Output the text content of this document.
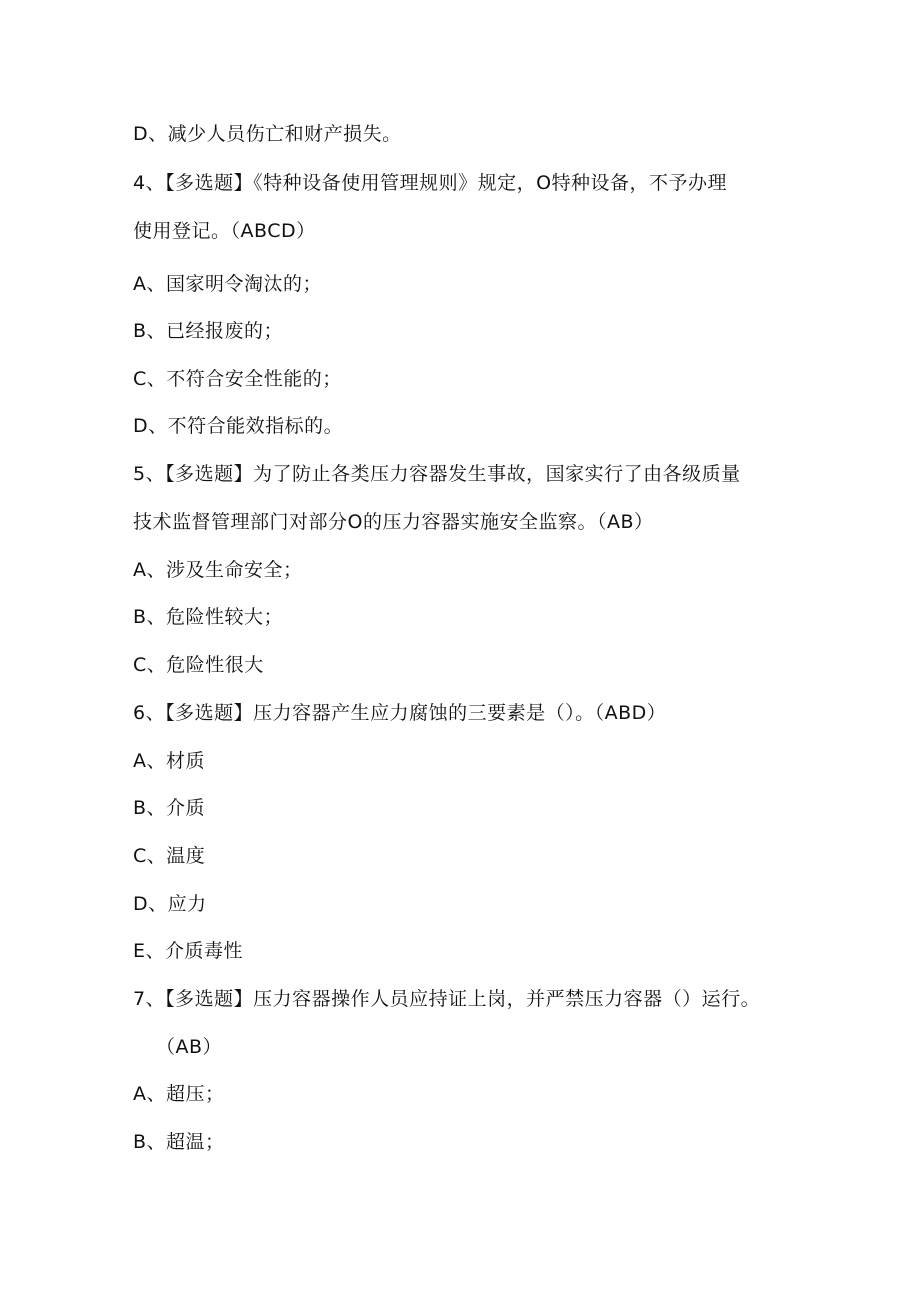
D、减少人员伤亡和财产损失。
4、【多选题】《特种设备使用管理规则》规定，O特种设备，不予办理
使用登记。（ABCD）
A、国家明令淘汰的；
B、已经报废的；
C、不符合安全性能的；
D、不符合能效指标的。
5、【多选题】为了防止各类压力容器发生事故，国家实行了由各级质量
技术监督管理部门对部分O的压力容器实施安全监察。（AB）
A、涉及生命安全；
B、危险性较大；
C、危险性很大
6、【多选题】压力容器产生应力腐蚀的三要素是（）。（ABD）
A、材质
B、介质
C、温度
D、应力
E、介质毒性
7、【多选题】压力容器操作人员应持证上岗，并严禁压力容器（）运行。
（AB）
A、超压；
B、超温；
